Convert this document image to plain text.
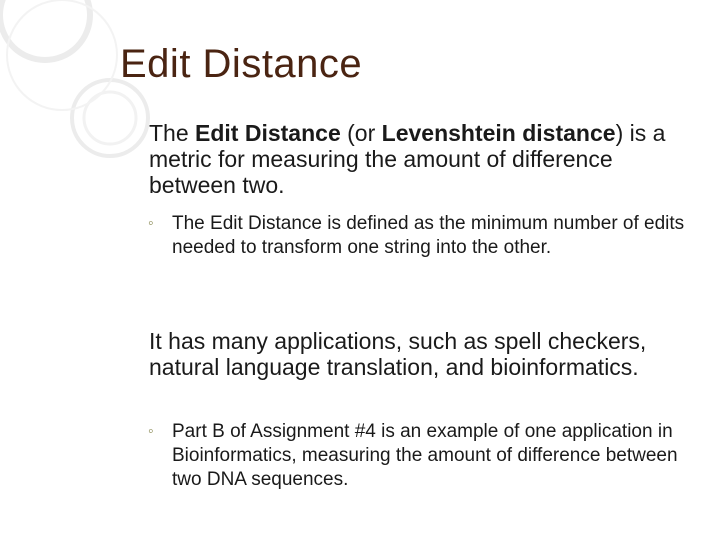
Edit Distance
The Edit Distance (or Levenshtein distance) is a metric for measuring the amount of difference between two.
◦ The Edit Distance is defined as the minimum number of edits needed to transform one string into the other.
It has many applications, such as spell checkers, natural language translation, and bioinformatics.
◦ Part B of Assignment #4 is an example of one application in Bioinformatics, measuring the amount of difference between two DNA sequences.
